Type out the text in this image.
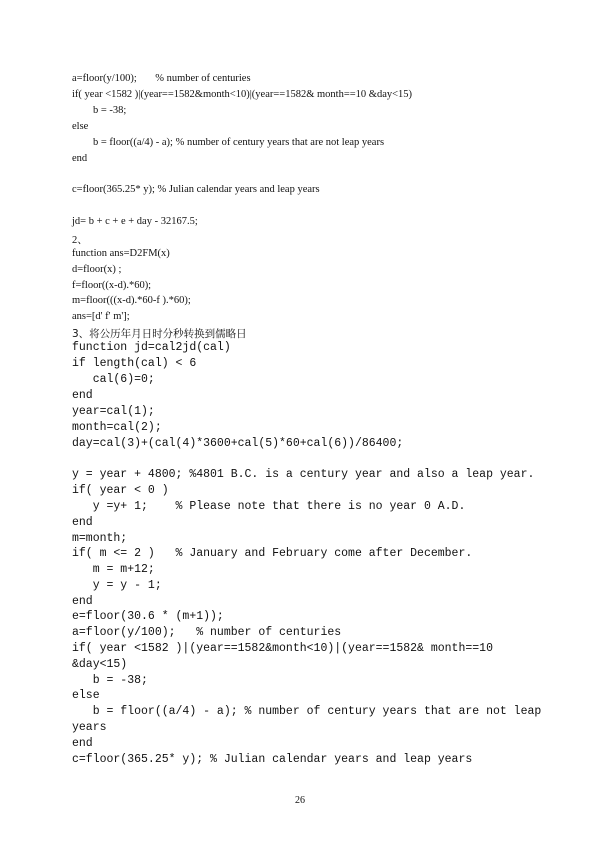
a=floor(y/100);       % number of centuries
if( year <1582 )|(year==1582&month<10)|(year==1582& month==10 &day<15)
b = -38;
else
b = floor((a/4) - a); % number of century years that are not leap years
end
c=floor(365.25* y); % Julian calendar years and leap years
jd= b + c + e + day - 32167.5;
2、
function ans=D2FM(x)
d=floor(x) ;
f=floor((x-d).*60);
m=floor(((x-d).*60-f ).*60);
ans=[d' f' m'];
3、将公历年月日时分秒转换到儒略日
function jd=cal2jd(cal)
if length(cal) < 6
cal(6)=0;
end
year=cal(1);
month=cal(2);
day=cal(3)+(cal(4)*3600+cal(5)*60+cal(6))/86400;
y = year + 4800; %4801 B.C. is a century year and also a leap year.
if( year < 0 )
y =y+ 1;    % Please note that there is no year 0 A.D.
end
m=month;
if( m <= 2 )   % January and February come after December.
m = m+12;
y = y - 1;
end
e=floor(30.6 * (m+1));
a=floor(y/100);   % number of centuries
if( year <1582 )|(year==1582&month<10)|(year==1582& month==10
&day<15)
b = -38;
else
b = floor((a/4) - a); % number of century years that are not leap
years
end
c=floor(365.25* y); % Julian calendar years and leap years
26
